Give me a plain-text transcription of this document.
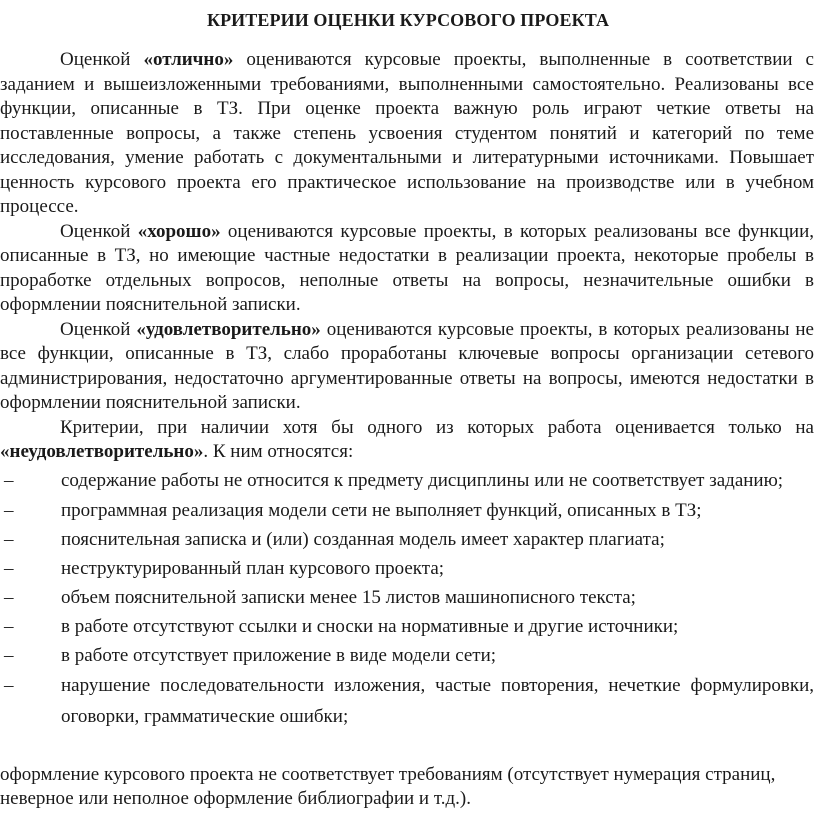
КРИТЕРИИ ОЦЕНКИ КУРСОВОГО ПРОЕКТА

Оценкой «отлично» оцениваются курсовые проекты, выполненные в соответствии с заданием и вышеизложенными требованиями, выполненными самостоятельно. Реализованы все функции, описанные в ТЗ. При оценке проекта важную роль играют четкие ответы на поставленные вопросы, а также степень усвоения студентом понятий и категорий по теме исследования, умение работать с документальными и литературными источниками. Повышает ценность курсового проекта его практическое использование на производстве или в учебном процессе.

Оценкой «хорошо» оцениваются курсовые проекты, в которых реализованы все функции, описанные в ТЗ, но имеющие частные недостатки в реализации проекта, некоторые пробелы в проработке отдельных вопросов, неполные ответы на вопросы, незначительные ошибки в оформлении пояснительной записки.

Оценкой «удовлетворительно» оцениваются курсовые проекты, в которых реализованы не все функции, описанные в ТЗ, слабо проработаны ключевые вопросы организации сетевого администрирования, недостаточно аргументированные ответы на вопросы, имеются недостатки в оформлении пояснительной записки.

Критерии, при наличии хотя бы одного из которых работа оценивается только на «неудовлетворительно». К ним относятся:

–	содержание работы не относится к предмету дисциплины или не соответствует заданию;
–	программная реализация модели сети не выполняет функций, описанных в ТЗ;
–	пояснительная записка и (или) созданная модель имеет характер плагиата;
–	неструктурированный план курсового проекта;
–	объем пояснительной записки менее 15 листов машинописного текста;
–	в работе отсутствуют ссылки и сноски на нормативные и другие источники;
–	в работе отсутствует приложение в виде модели сети;
–	нарушение последовательности изложения, частые повторения, нечеткие формулировки, оговорки, грамматические ошибки;

оформление курсового проекта не соответствует требованиям (отсутствует нумерация страниц, неверное или неполное оформление библиографии и т.д.).
